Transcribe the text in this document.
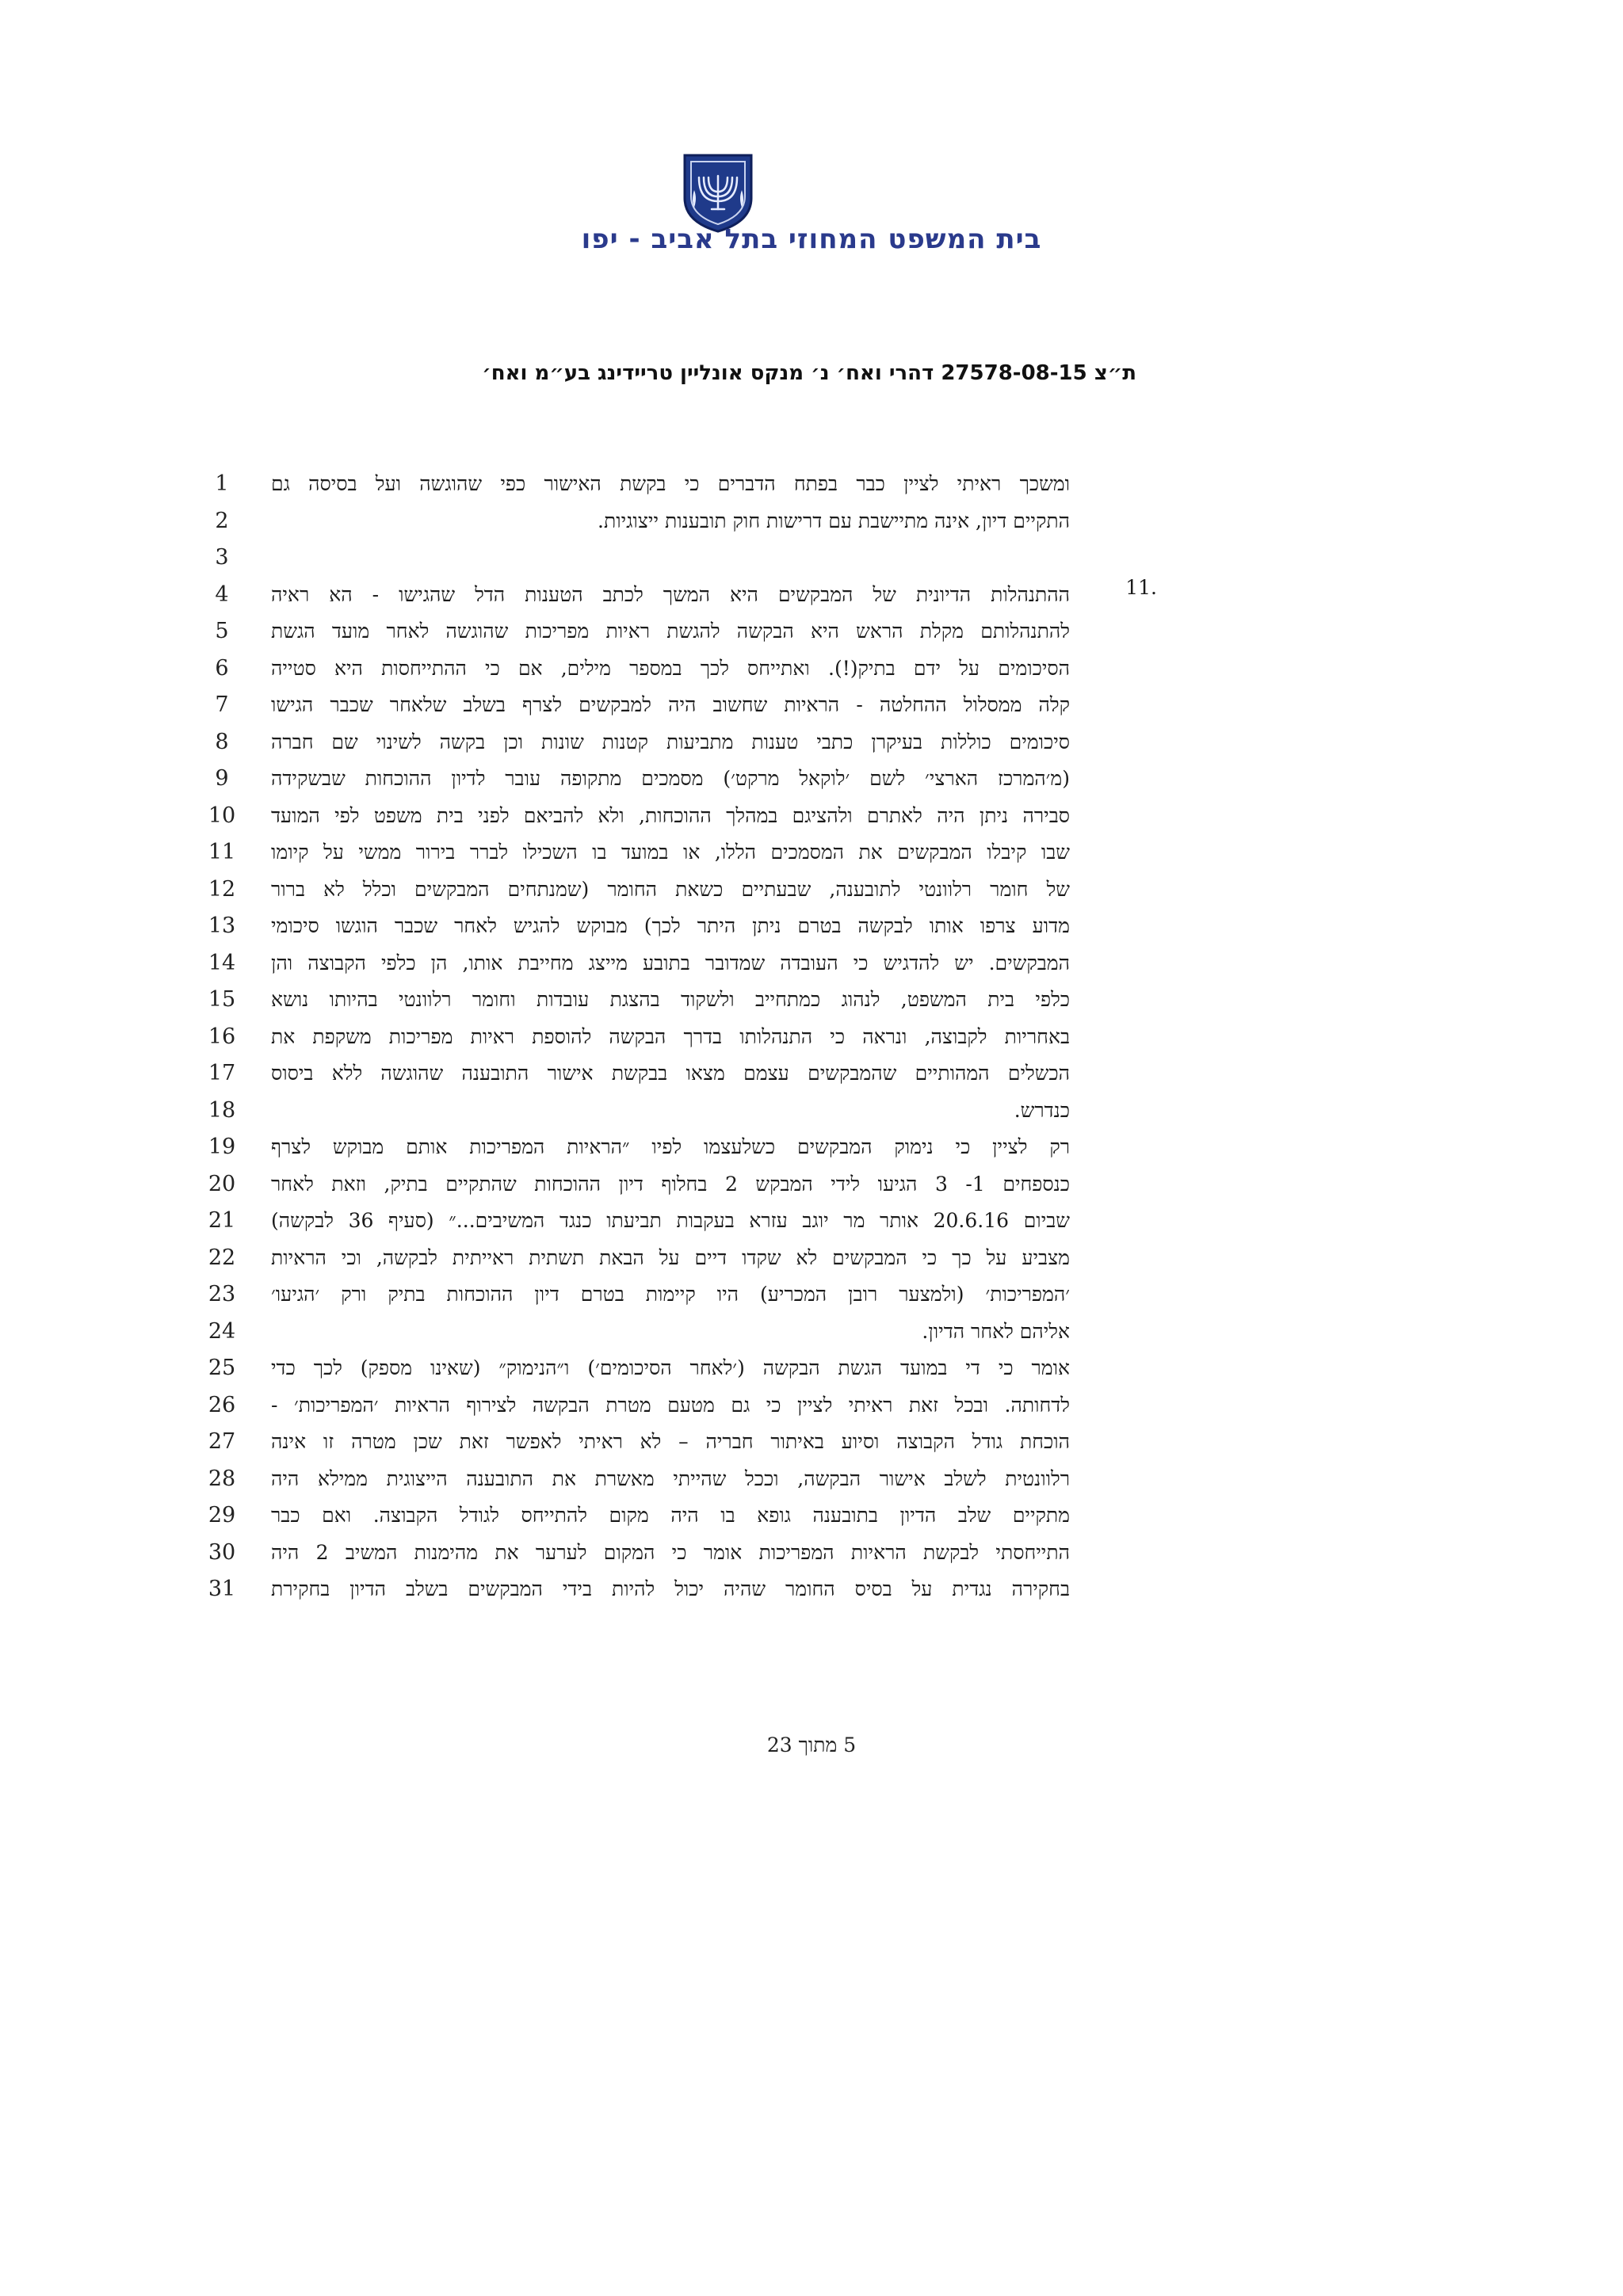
בית המשפט המחוזי בתל אביב - יפו
ת״צ 27578-08-15 דהרי ואח׳ נ׳ מנקס אונליין טריידינג בע״מ ואח׳
11.
1
2
3
4
5
6
7
8
9
10
11
12
13
14
15
16
17
18
19
20
21
22
23
24
25
26
27
28
29
30
31
ומשכך ראיתי לציין כבר בפתח הדברים כי בקשת האישור כפי שהוגשה ועל בסיסה גם
התקיים דיון, אינה מתיישבת עם דרישות חוק תובענות ייצוגיות.
ההתנהלות הדיונית של המבקשים היא המשך לכתב הטענות הדל שהגישו - הא ראיה
להתנהלותם מקלת הראש היא הבקשה להגשת ראיות מפריכות שהוגשה לאחר מועד הגשת
הסיכומים על ידם בתיק(!). ואתייחס לכך במספר מילים, אם כי ההתייחסות היא סטייה
קלה ממסלול ההחלטה - הראיות שחשוב היה למבקשים לצרף בשלב שלאחר שכבר הגישו
סיכומים כוללות בעיקרן כתבי טענות מתביעות קטנות שונות וכן בקשה לשינוי שם חברה
(מ׳המרכז הארצי׳ לשם ׳לוקאל מרקט׳) מסמכים מתקופה עובר לדיון ההוכחות שבשקידה
סבירה ניתן היה לאתרם ולהציגם במהלך ההוכחות, ולא להביאם לפני בית משפט לפי המועד
שבו קיבלו המבקשים את המסמכים הללו, או במועד בו השכילו לברר בירור ממשי על קיומו
של חומר רלוונטי לתובענה, שבעתיים כשאת החומר (שמנתחים המבקשים וכלל לא ברור
מדוע צרפו אותו לבקשה בטרם ניתן היתר לכך) מבוקש להגיש לאחר שכבר הוגשו סיכומי
המבקשים. יש להדגיש כי העובדה שמדובר בתובע מייצג מחייבת אותו, הן כלפי הקבוצה והן
כלפי בית המשפט, לנהוג כמתחייב ולשקוד בהצגת עובדות וחומר רלוונטי בהיותו נושא
באחריות לקבוצה, ונראה כי התנהלותו בדרך הבקשה להוספת ראיות מפריכות משקפת את
הכשלים המהותיים שהמבקשים עצמם מצאו בבקשת אישור התובענה שהוגשה ללא ביסוס
כנדרש.
רק לציין כי נימוק המבקשים כשלעצמו לפיו ״הראיות המפריכות אותם מבוקש לצרף
כנספחים 1- 3 הגיעו לידי המבקש 2 בחלוף דיון ההוכחות שהתקיים בתיק, וזאת לאחר
שביום 20.6.16 אותר מר יוגב עזרא בעקבות תביעתו כנגד המשיבים...״ (סעיף 36 לבקשה)
מצביע על כך כי המבקשים לא שקדו דיים על הבאת תשתית ראייתית לבקשה, וכי הראיות
׳המפריכות׳ (ולמצער רובן המכריע) היו קיימות בטרם דיון ההוכחות בתיק ורק ׳הגיעו׳
אליהם לאחר הדיון.
אומר כי די במועד הגשת הבקשה (׳לאחר הסיכומים׳) ו״הנימוק״ (שאינו מספק) לכך כדי
לדחותה. ובכל זאת ראיתי לציין כי גם מטעם מטרת הבקשה לצירוף הראיות ׳המפריכות׳ -
הוכחת גודל הקבוצה וסיוע באיתור חבריה – לא ראיתי לאפשר זאת שכן מטרה זו אינה
רלוונטית לשלב אישור הבקשה, וככל שהייתי מאשרת את התובענה הייצוגית ממילא היה
מתקיים שלב הדיון בתובענה גופא בו היה מקום להתייחס לגודל הקבוצה. ואם כבר
התייחסתי לבקשת הראיות המפריכות אומר כי המקום לערער את מהימנות המשיב 2 היה
בחקירה נגדית על בסיס החומר שהיה יכול להיות בידי המבקשים בשלב הדיון בחקירת
5 מתוך 23
